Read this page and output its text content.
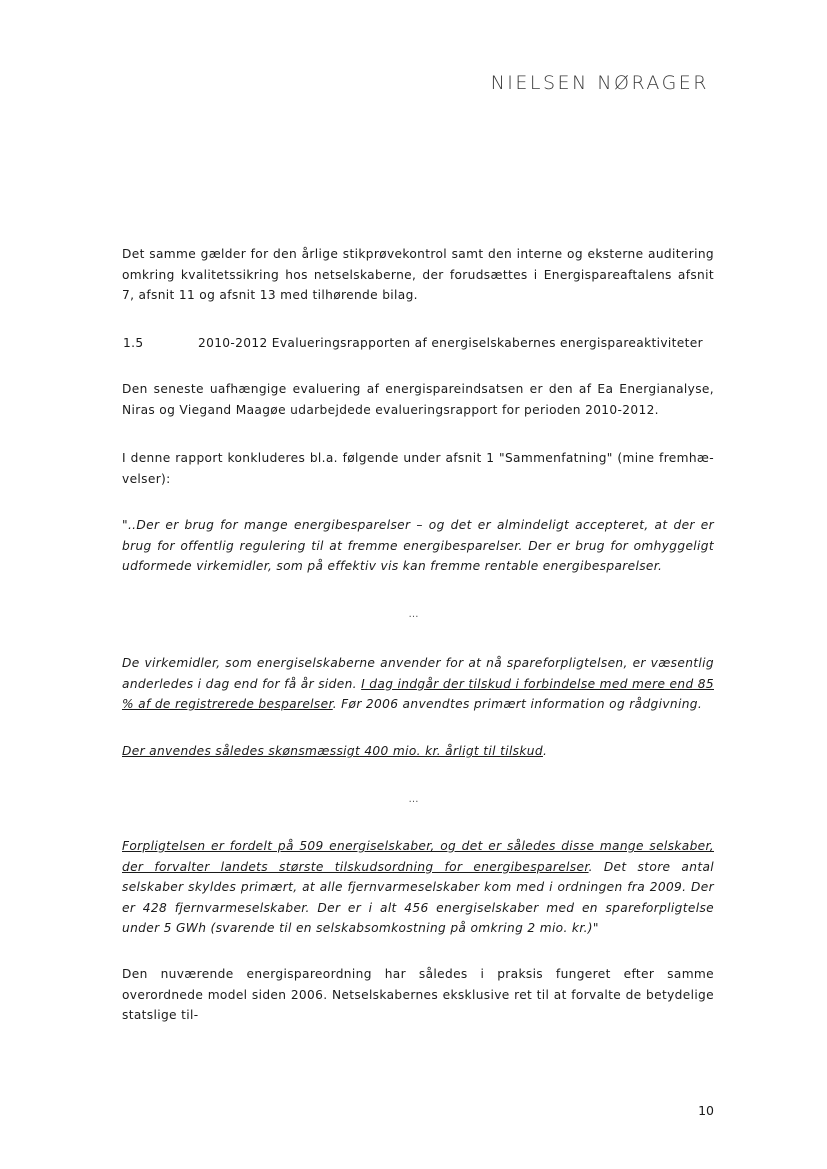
NIELSEN NØRAGER
Det samme gælder for den årlige stikprøvekontrol samt den interne og eksterne auditering omkring kvalitetssikring hos netselskaberne, der forudsættes i Energispareaftalens afsnit 7, afsnit 11 og afsnit 13 med tilhørende bilag.
1.5	2010-2012 Evalueringsrapporten af energiselskabernes energispareaktiviteter
Den seneste uafhængige evaluering af energispareindsatsen er den af Ea Energianalyse, Niras og Viegand Maagøe udarbejdede evalueringsrapport for perioden 2010-2012.
I denne rapport konkluderes bl.a. følgende under afsnit 1 "Sammenfatning" (mine fremhæ-velser):
"..Der er brug for mange energibesparelser – og det er almindeligt accepteret, at der er brug for offentlig regulering til at fremme energibesparelser. Der er brug for omhyggeligt udformede virkemidler, som på effektiv vis kan fremme rentable energibesparelser.
…
De virkemidler, som energiselskaberne anvender for at nå spareforpligtelsen, er væsentlig anderledes i dag end for få år siden. I dag indgår der tilskud i forbindelse med mere end 85 % af de registrerede besparelser. Før 2006 anvendtes primært information og rådgivning.
Der anvendes således skønsmæssigt 400 mio. kr. årligt til tilskud.
…
Forpligtelsen er fordelt på 509 energiselskaber, og det er således disse mange selskaber, der forvalter landets største tilskudsordning for energibesparelser. Det store antal selskaber skyldes primært, at alle fjernvarmeselskaber kom med i ordningen fra 2009. Der er 428 fjernvarmeselskaber. Der er i alt 456 energiselskaber med en spareforpligtelse under 5 GWh (svarende til en selskabsomkostning på omkring 2 mio. kr.)"
Den nuværende energispareordning har således i praksis fungeret efter samme overordnede model siden 2006. Netselskabernes eksklusive ret til at forvalte de betydelige statslige til-
10
